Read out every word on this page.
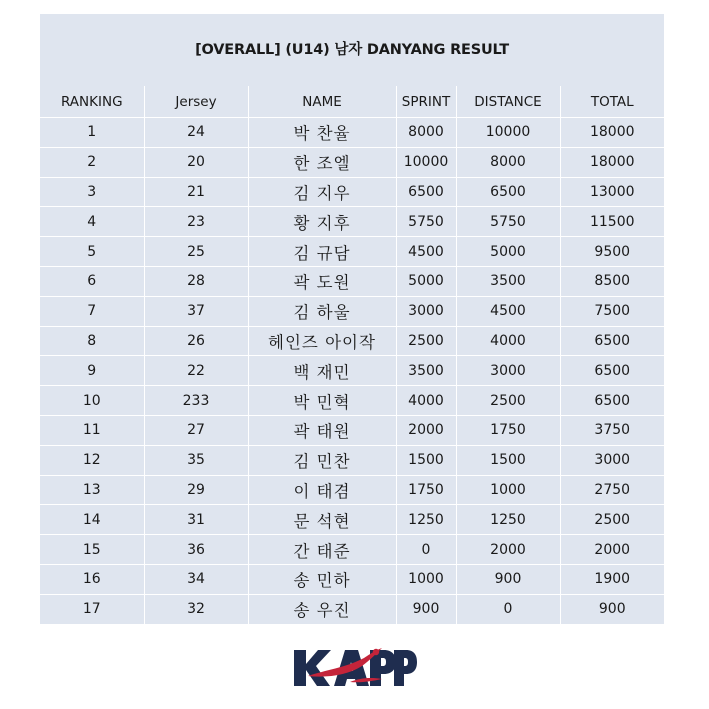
[OVERALL] (U14) 남자 DANYANG RESULT
RANKING	Jersey	NAME	SPRINT	DISTANCE	TOTAL
1	24	박 찬율	8000	10000	18000
2	20	한 조엘	10000	8000	18000
3	21	김 지우	6500	6500	13000
4	23	황 지후	5750	5750	11500
5	25	김 규담	4500	5000	9500
6	28	곽 도원	5000	3500	8500
7	37	김 하울	3000	4500	7500
8	26	헤인즈 아이작	2500	4000	6500
9	22	백 재민	3500	3000	6500
10	233	박 민혁	4000	2500	6500
11	27	곽 태원	2000	1750	3750
12	35	김 민찬	1500	1500	3000
13	29	이 태겸	1750	1000	2750
14	31	문 석현	1250	1250	2500
15	36	간 태준	0	2000	2000
16	34	송 민하	1000	900	1900
17	32	송 우진	900	0	900
